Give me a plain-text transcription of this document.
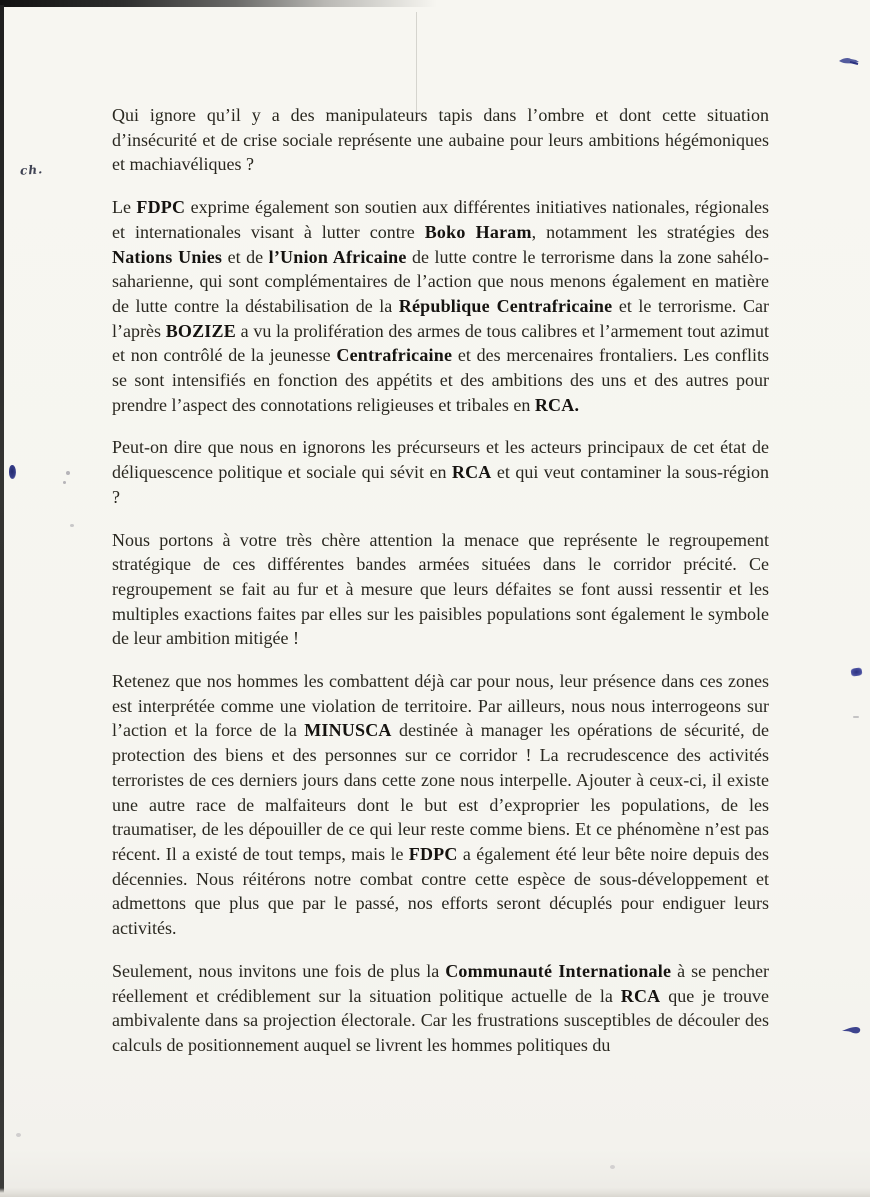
ch.

Qui ignore qu’il y a des manipulateurs tapis dans l’ombre et dont cette situation d’insécurité et de crise sociale représente une aubaine pour leurs ambitions hégémoniques et machiavéliques ?

Le FDPC exprime également son soutien aux différentes initiatives nationales, régionales et internationales visant à lutter contre Boko Haram, notamment les stratégies des Nations Unies et de l’Union Africaine de lutte contre le terrorisme dans la zone sahélo-saharienne, qui sont complémentaires de l’action que nous menons également en matière de lutte contre la déstabilisation de la République Centrafricaine et le terrorisme. Car l’après BOZIZE a vu la prolifération des armes de tous calibres et l’armement tout azimut et non contrôlé de la jeunesse Centrafricaine et des mercenaires frontaliers. Les conflits se sont intensifiés en fonction des appétits et des ambitions des uns et des autres pour prendre l’aspect des connotations religieuses et tribales en RCA.

Peut-on dire que nous en ignorons les précurseurs et les acteurs principaux de cet état de déliquescence politique et sociale qui sévit en RCA et qui veut contaminer la sous-région ?

Nous portons à votre très chère attention la menace que représente le regroupement stratégique de ces différentes bandes armées situées dans le corridor précité. Ce regroupement se fait au fur et à mesure que leurs défaites se font aussi ressentir et les multiples exactions faites par elles sur les paisibles populations sont également le symbole de leur ambition mitigée !

Retenez que nos hommes les combattent déjà car pour nous, leur présence dans ces zones est interprétée comme une violation de territoire. Par ailleurs, nous nous interrogeons sur l’action et la force de la MINUSCA destinée à manager les opérations de sécurité, de protection des biens et des personnes sur ce corridor ! La recrudescence des activités terroristes de ces derniers jours dans cette zone nous interpelle. Ajouter à ceux-ci, il existe une autre race de malfaiteurs dont le but est d’exproprier les populations, de les traumatiser, de les dépouiller de ce qui leur reste comme biens. Et ce phénomène n’est pas récent. Il a existé de tout temps, mais le FDPC a également été leur bête noire depuis des décennies. Nous réitérons notre combat contre cette espèce de sous-développement et admettons que plus que par le passé, nos efforts seront décuplés pour endiguer leurs activités.

Seulement, nous invitons une fois de plus la Communauté Internationale à se pencher réellement et crédiblement sur la situation politique actuelle de la RCA que je trouve ambivalente dans sa projection électorale. Car les frustrations susceptibles de découler des calculs de positionnement auquel se livrent les hommes politiques du
